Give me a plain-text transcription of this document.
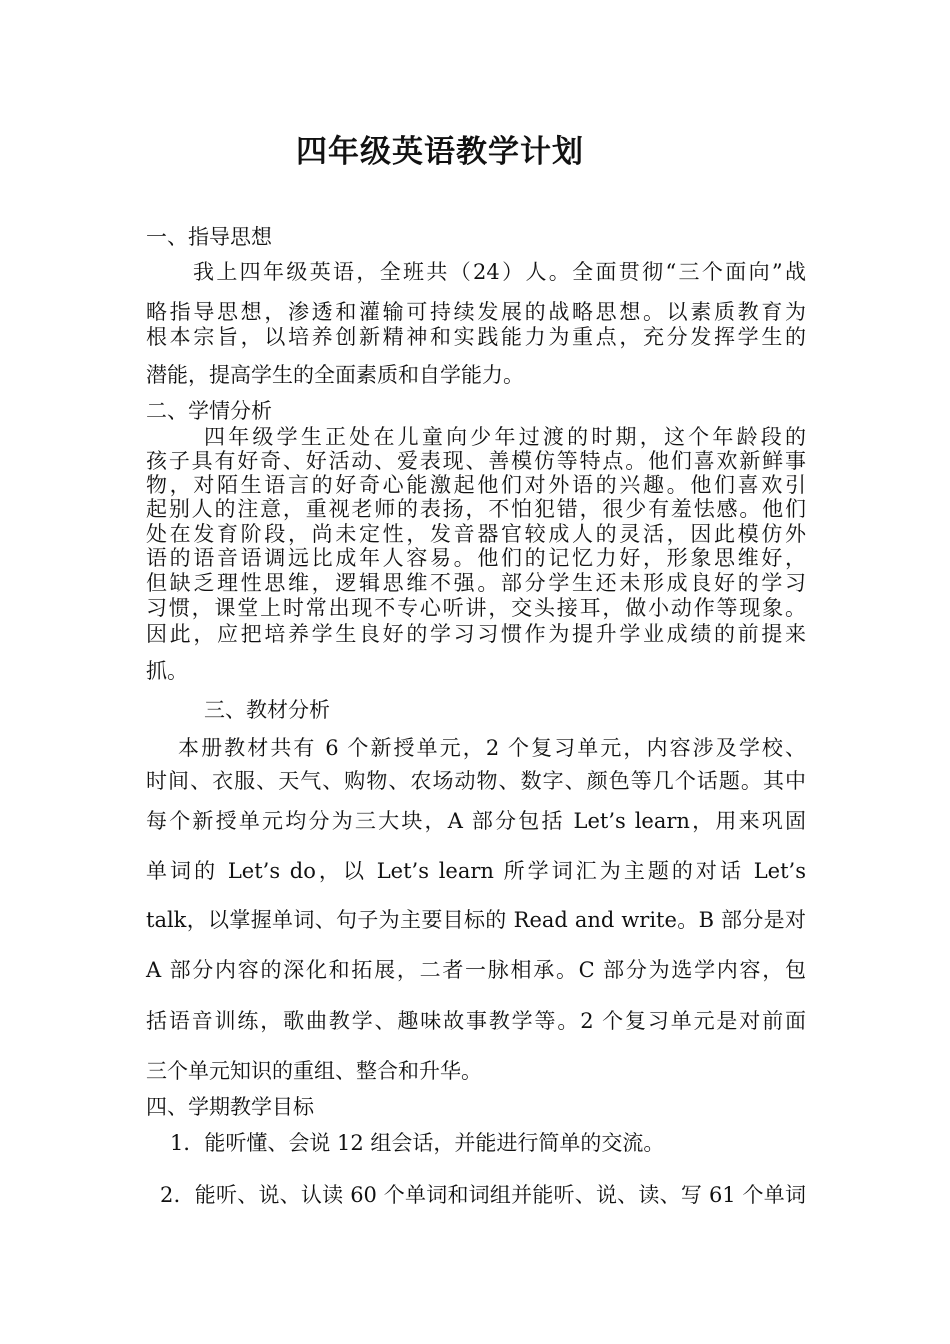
四年级英语教学计划
一、指导思想
我上四年级英语，全班共（24）人。全面贯彻“三个面向”战
略指导思想，渗透和灌输可持续发展的战略思想。以素质教育为
根本宗旨，以培养创新精神和实践能力为重点，充分发挥学生的
潜能，提高学生的全面素质和自学能力。
二、学情分析
四年级学生正处在儿童向少年过渡的时期，这个年龄段的
孩子具有好奇、好活动、爱表现、善模仿等特点。他们喜欢新鲜事
物，对陌生语言的好奇心能激起他们对外语的兴趣。他们喜欢引
起别人的注意，重视老师的表扬，不怕犯错，很少有羞怯感。他们
处在发育阶段，尚未定性，发音器官较成人的灵活，因此模仿外
语的语音语调远比成年人容易。他们的记忆力好，形象思维好，
但缺乏理性思维，逻辑思维不强。部分学生还未形成良好的学习
习惯，课堂上时常出现不专心听讲，交头接耳，做小动作等现象。
因此，应把培养学生良好的学习习惯作为提升学业成绩的前提来
抓。
三、教材分析
本册教材共有 6 个新授单元，2 个复习单元，内容涉及学校、
时间、衣服、天气、购物、农场动物、数字、颜色等几个话题。其中
每个新授单元均分为三大块，A 部分包括 Let’s learn，用来巩固
单词的 Let’s do，以 Let’s learn 所学词汇为主题的对话 Let’s
talk，以掌握单词、句子为主要目标的 Read and write。B 部分是对
A 部分内容的深化和拓展，二者一脉相承。C 部分为选学内容，包
括语音训练，歌曲教学、趣味故事教学等。2 个复习单元是对前面
三个单元知识的重组、整合和升华。
四、学期教学目标
1．能听懂、会说 12 组会话，并能进行简单的交流。
2．能听、说、认读 60 个单词和词组并能听、说、读、写 61 个单词
